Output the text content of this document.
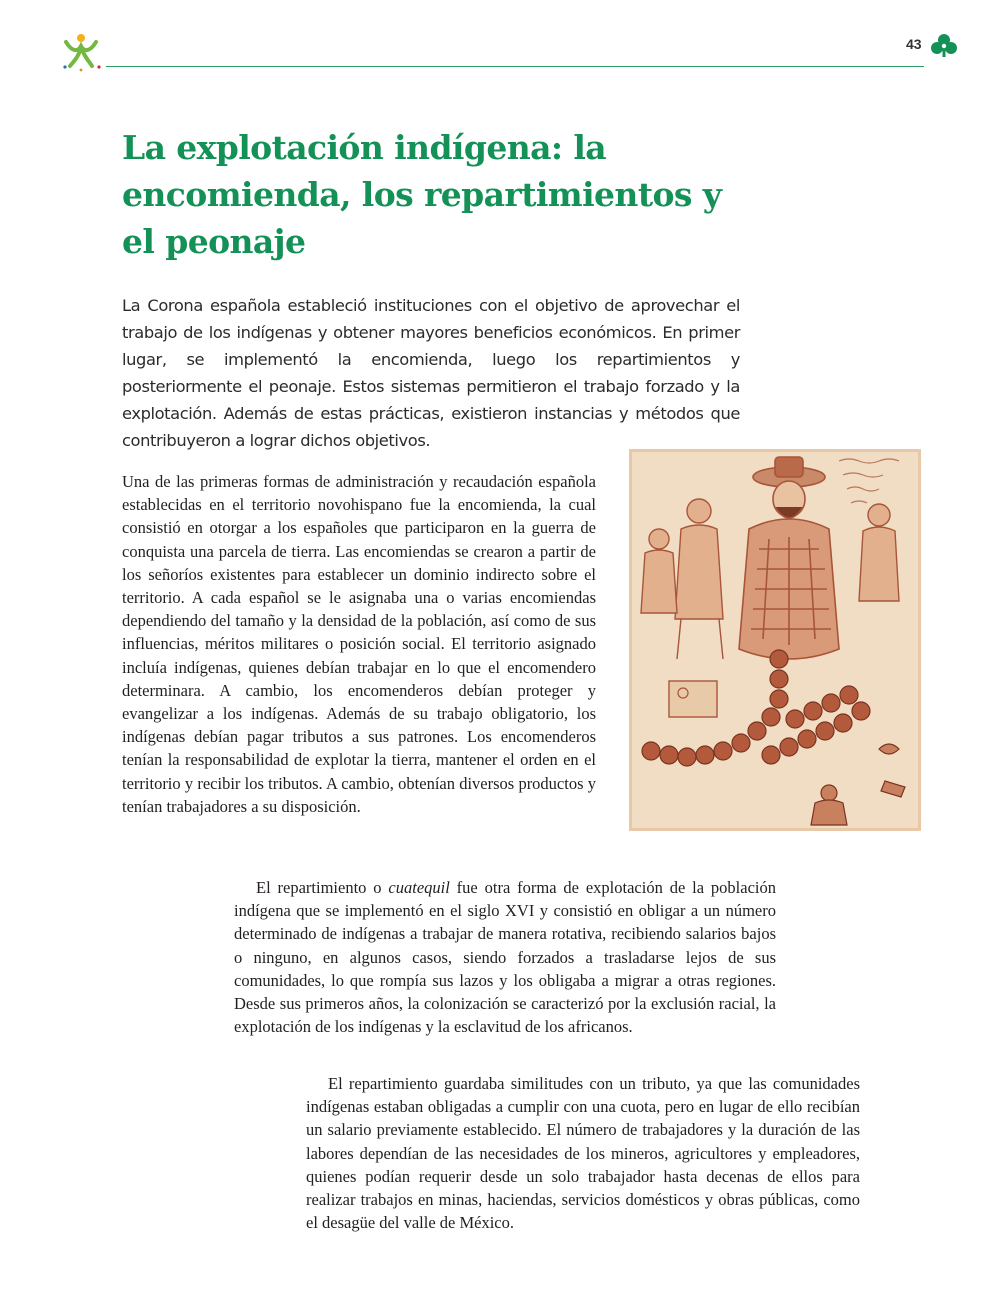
43
La explotación indígena: la encomienda, los repartimientos y el peonaje

La Corona española estableció instituciones con el objetivo de aprovechar el trabajo de los indígenas y obtener mayores beneficios económicos. En primer lugar, se implementó la encomienda, luego los repartimientos y posteriormente el peonaje. Estos sistemas permitieron el trabajo forzado y la explotación. Además de estas prácticas, existieron instancias y métodos que contribuyeron a lograr dichos objetivos.

Una de las primeras formas de administración y recaudación española establecidas en el territorio novohispano fue la encomienda, la cual consistió en otorgar a los españoles que participaron en la guerra de conquista una parcela de tierra. Las encomiendas se crearon a partir de los señoríos existentes para establecer un dominio indirecto sobre el territorio. A cada español se le asignaba una o varias encomiendas dependiendo del tamaño y la densidad de la población, así como de sus influencias, méritos militares o posición social. El territorio asignado incluía indígenas, quienes debían trabajar en lo que el encomendero determinara. A cambio, los encomenderos debían proteger y evangelizar a los indígenas. Además de su trabajo obligatorio, los indígenas debían pagar tributos a sus patrones. Los encomenderos tenían la responsabilidad de explotar la tierra, mantener el orden en el territorio y recibir los tributos. A cambio, obtenían diversos productos y tenían trabajadores a su disposición.

El repartimiento o cuatequil fue otra forma de explotación de la población indígena que se implementó en el siglo XVI y consistió en obligar a un número determinado de indígenas a trabajar de manera rotativa, recibiendo salarios bajos o ninguno, en algunos casos, siendo forzados a trasladarse lejos de sus comunidades, lo que rompía sus lazos y los obligaba a migrar a otras regiones. Desde sus primeros años, la colonización se caracterizó por la exclusión racial, la explotación de los indígenas y la esclavitud de los africanos.

El repartimiento guardaba similitudes con un tributo, ya que las comunidades indígenas estaban obligadas a cumplir con una cuota, pero en lugar de ello recibían un salario previamente establecido. El número de trabajadores y la duración de las labores dependían de las necesidades de los mineros, agricultores y empleadores, quienes podían requerir desde un solo trabajador hasta decenas de ellos para realizar trabajos en minas, haciendas, servicios domésticos y obras públicas, como el desagüe del valle de México.
